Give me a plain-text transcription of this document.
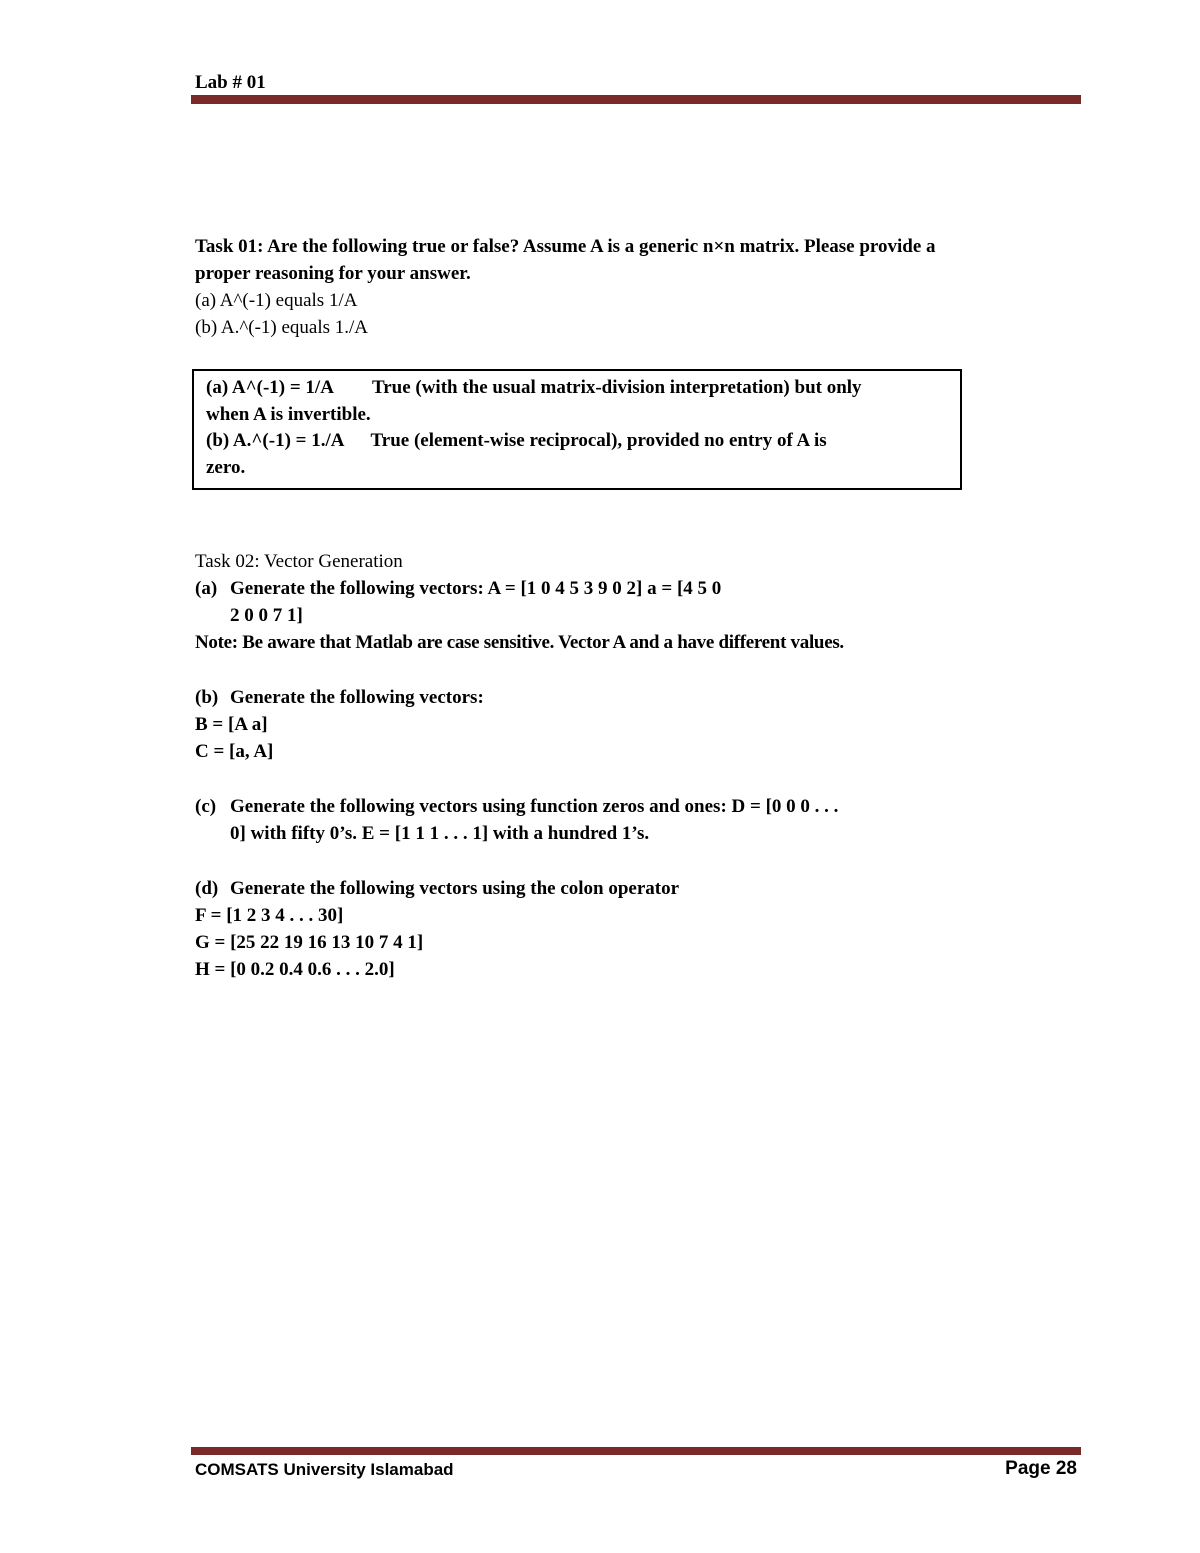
Lab # 01
Task 01: Are the following true or false? Assume A is a generic n×n matrix. Please provide a
proper reasoning for your answer.
(a) A^(-1) equals 1/A
(b) A.^(-1) equals 1./A
(a) A^(-1) = 1/A True (with the usual matrix-division interpretation) but only
when A is invertible.
(b) A.^(-1) = 1./A True (element-wise reciprocal), provided no entry of A is
zero.
Task 02: Vector Generation
(a) Generate the following vectors: A = [1 0 4 5 3 9 0 2] a = [4 5 0
2 0 0 7 1]
Note: Be aware that Matlab are case sensitive. Vector A and a have different values.
(b) Generate the following vectors:
B = [A a]
C = [a, A]
(c) Generate the following vectors using function zeros and ones: D = [0 0 0 . . .
0] with fifty 0’s. E = [1 1 1 . . . 1] with a hundred 1’s.
(d) Generate the following vectors using the colon operator
F = [1 2 3 4 . . . 30]
G = [25 22 19 16 13 10 7 4 1]
H = [0 0.2 0.4 0.6 . . . 2.0]
COMSATS University Islamabad	Page 28
